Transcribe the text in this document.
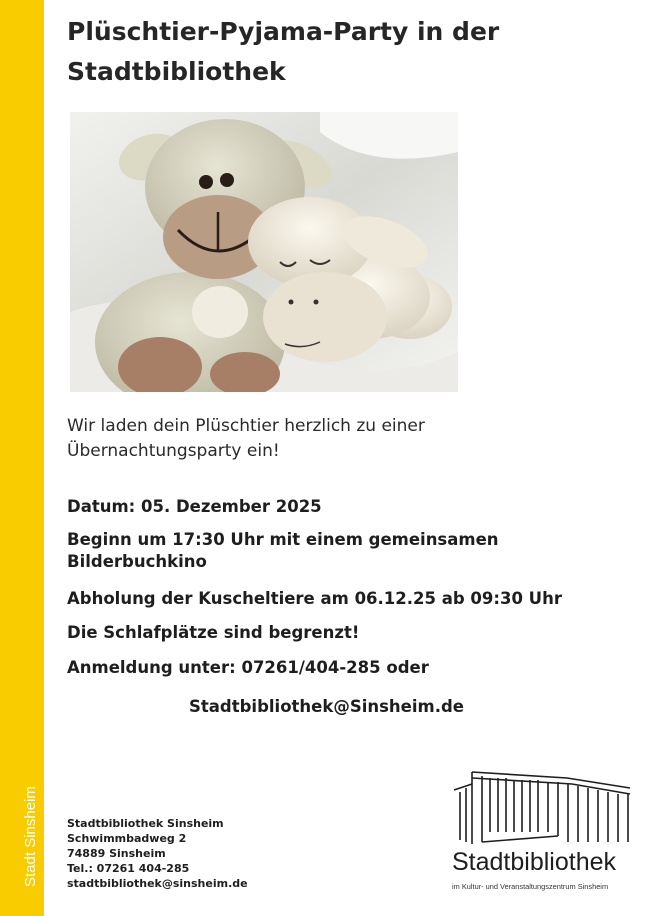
Stadt Sinsheim
Plüschtier-Pyjama-Party in der Stadtbibliothek

Wir laden dein Plüschtier herzlich zu einer Übernachtungsparty ein!

Datum: 05. Dezember 2025

Beginn um 17:30 Uhr mit einem gemeinsamen Bilderbuchkino

Abholung der Kuscheltiere am 06.12.25 ab 09:30 Uhr

Die Schlafplätze sind begrenzt!

Anmeldung unter: 07261/404-285 oder

Stadtbibliothek@Sinsheim.de

Stadtbibliothek Sinsheim
Schwimmbadweg 2
74889 Sinsheim
Tel.: 07261 404-285
stadtbibliothek@sinsheim.de
Stadtbibliothek
im Kultur- und Veranstaltungszentrum Sinsheim
